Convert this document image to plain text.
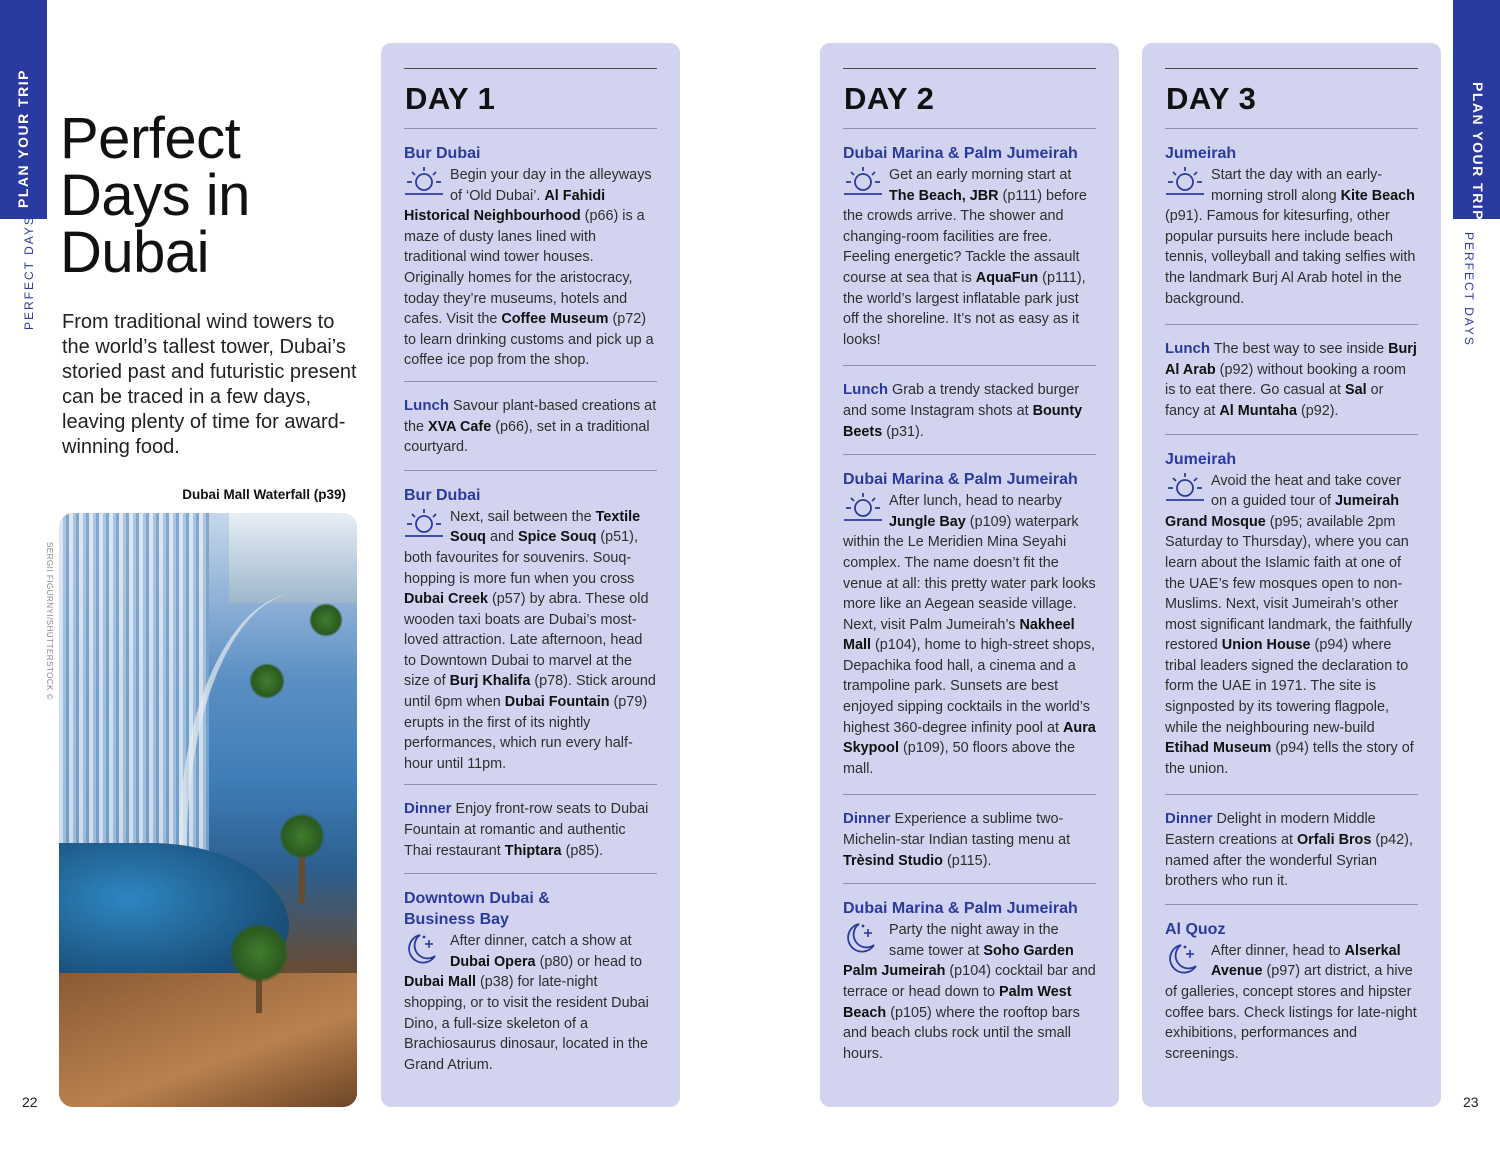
PLAN YOUR TRIP
PERFECT DAYS
PLAN YOUR TRIP
PERFECT DAYS
22	23
Perfect
Days in
Dubai

From traditional wind towers to the world’s tallest tower, Dubai’s storied past and futuristic present can be traced in a few days, leaving plenty of time for award-winning food.

Dubai Mall Waterfall (p39)
SERGII FIGURNYI/SHUTTERSTOCK ©
DAY 1
Bur Dubai
Begin your day in the alleyways of ‘Old Dubai’. Al Fahidi Historical Neighbourhood (p66) is a maze of dusty lanes lined with traditional wind tower houses. Originally homes for the aristocracy, today they’re museums, hotels and cafes. Visit the Coffee Museum (p72) to learn drinking customs and pick up a coffee ice pop from the shop.
Lunch Savour plant-based creations at the XVA Cafe (p66), set in a traditional courtyard.
Bur Dubai
Next, sail between the Textile Souq and Spice Souq (p51), both favourites for souvenirs. Souq-hopping is more fun when you cross Dubai Creek (p57) by abra. These old wooden taxi boats are Dubai’s most-loved attraction. Late afternoon, head to Downtown Dubai to marvel at the size of Burj Khalifa (p78). Stick around until 6pm when Dubai Fountain (p79) erupts in the first of its nightly performances, which run every half-hour until 11pm.
Dinner Enjoy front-row seats to Dubai Fountain at romantic and authentic Thai restaurant Thiptara (p85).
Downtown Dubai & Business Bay
After dinner, catch a show at Dubai Opera (p80) or head to Dubai Mall (p38) for late-night shopping, or to visit the resident Dubai Dino, a full-size skeleton of a Brachiosaurus dinosaur, located in the Grand Atrium.
DAY 2
Dubai Marina & Palm Jumeirah
Get an early morning start at The Beach, JBR (p111) before the crowds arrive. The shower and changing-room facilities are free. Feeling energetic? Tackle the assault course at sea that is AquaFun (p111), the world’s largest inflatable park just off the shoreline. It’s not as easy as it looks!
Lunch Grab a trendy stacked burger and some Instagram shots at Bounty Beets (p31).
Dubai Marina & Palm Jumeirah
After lunch, head to nearby Jungle Bay (p109) waterpark within the Le Meridien Mina Seyahi complex. The name doesn’t fit the venue at all: this pretty water park looks more like an Aegean seaside village. Next, visit Palm Jumeirah’s Nakheel Mall (p104), home to high-street shops, Depachika food hall, a cinema and a trampoline park. Sunsets are best enjoyed sipping cocktails in the world’s highest 360-degree infinity pool at Aura Skypool (p109), 50 floors above the mall.
Dinner Experience a sublime two-Michelin-star Indian tasting menu at Trèsind Studio (p115).
Dubai Marina & Palm Jumeirah
Party the night away in the same tower at Soho Garden Palm Jumeirah (p104) cocktail bar and terrace or head down to Palm West Beach (p105) where the rooftop bars and beach clubs rock until the small hours.
DAY 3
Jumeirah
Start the day with an early-morning stroll along Kite Beach (p91). Famous for kitesurfing, other popular pursuits here include beach tennis, volleyball and taking selfies with the landmark Burj Al Arab hotel in the background.
Lunch The best way to see inside Burj Al Arab (p92) without booking a room is to eat there. Go casual at Sal or fancy at Al Muntaha (p92).
Jumeirah
Avoid the heat and take cover on a guided tour of Jumeirah Grand Mosque (p95; available 2pm Saturday to Thursday), where you can learn about the Islamic faith at one of the UAE’s few mosques open to non-Muslims. Next, visit Jumeirah’s other most significant landmark, the faithfully restored Union House (p94) where tribal leaders signed the declaration to form the UAE in 1971. The site is signposted by its towering flagpole, while the neighbouring new-build Etihad Museum (p94) tells the story of the union.
Dinner Delight in modern Middle Eastern creations at Orfali Bros (p42), named after the wonderful Syrian brothers who run it.
Al Quoz
After dinner, head to Alserkal Avenue (p97) art district, a hive of galleries, concept stores and hipster coffee bars. Check listings for late-night exhibitions, performances and screenings.
